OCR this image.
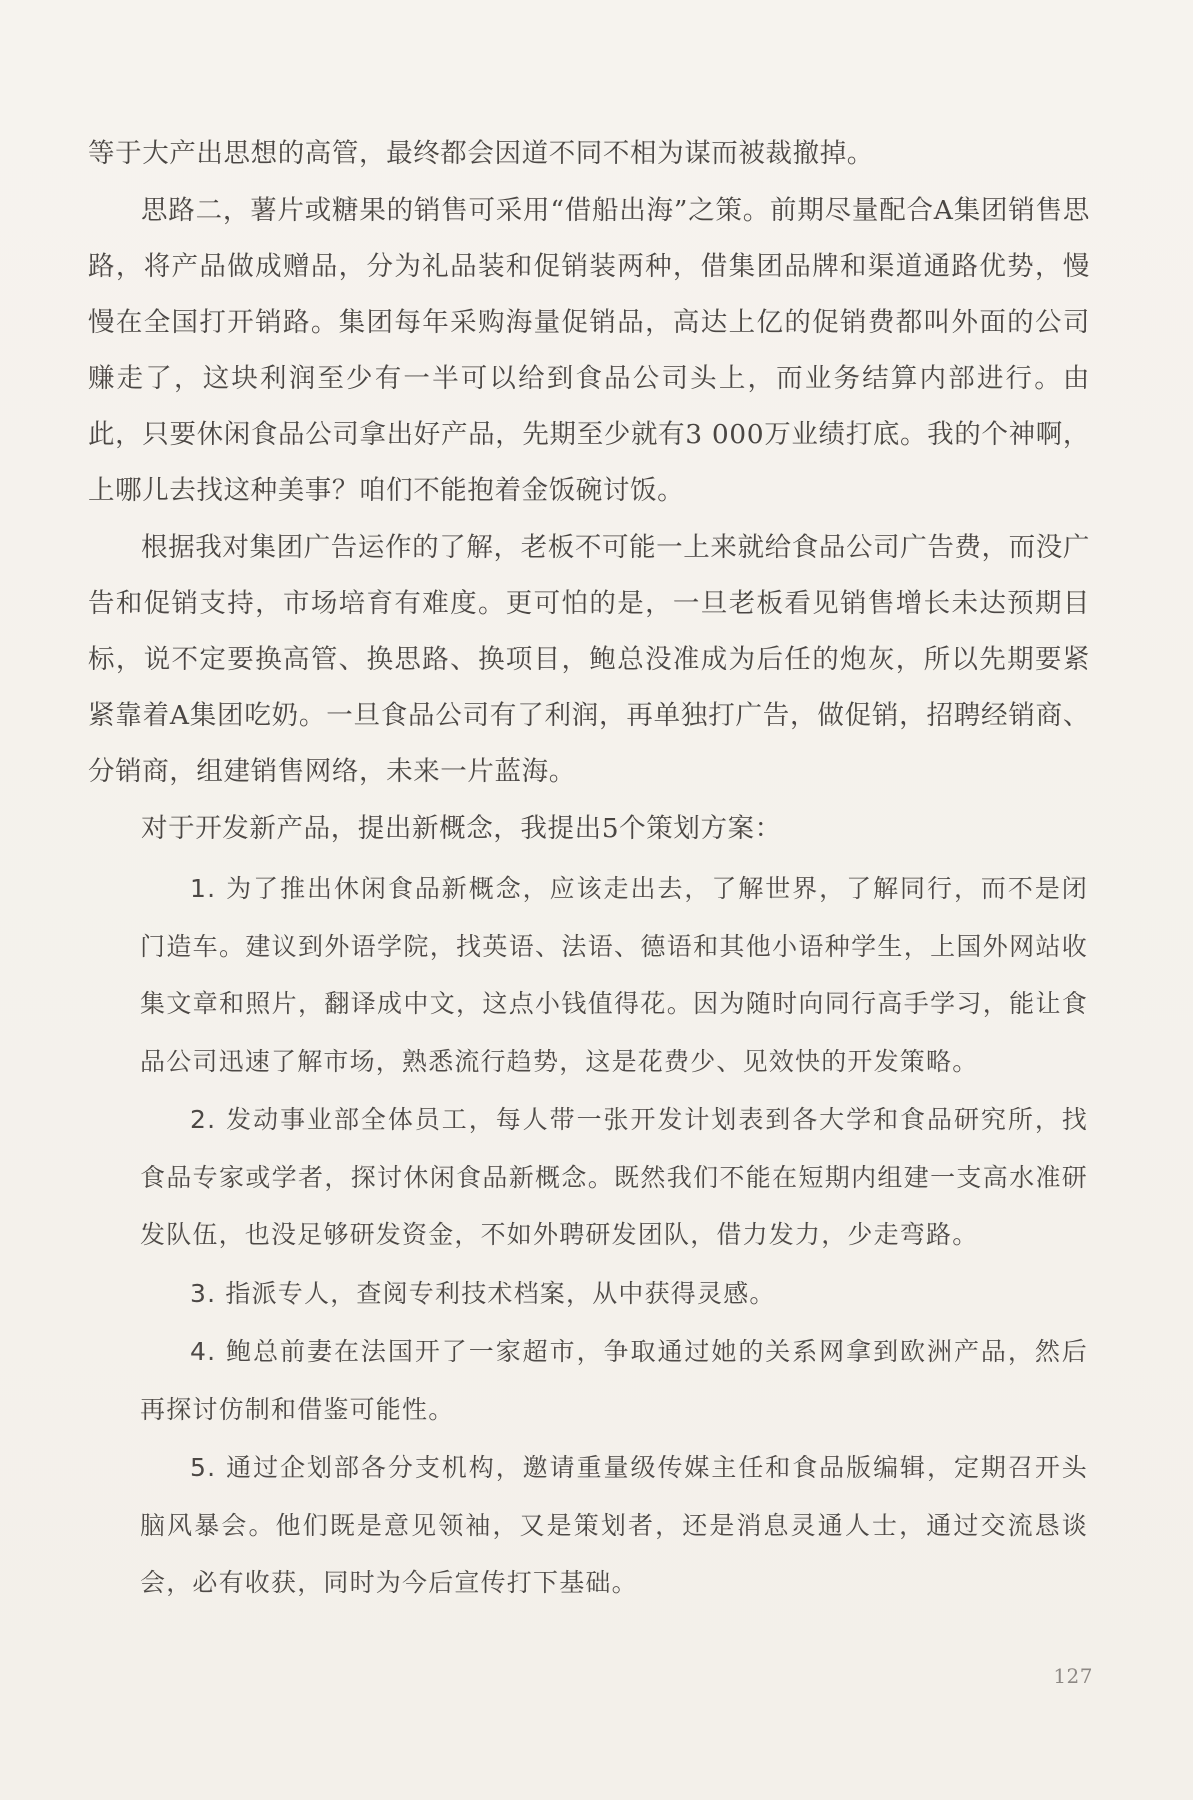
等于大产出思想的高管，最终都会因道不同不相为谋而被裁撤掉。

思路二，薯片或糖果的销售可采用“借船出海”之策。前期尽量配合A集团销售思路，将产品做成赠品，分为礼品装和促销装两种，借集团品牌和渠道通路优势，慢慢在全国打开销路。集团每年采购海量促销品，高达上亿的促销费都叫外面的公司赚走了，这块利润至少有一半可以给到食品公司头上，而业务结算内部进行。由此，只要休闲食品公司拿出好产品，先期至少就有3 000万业绩打底。我的个神啊，上哪儿去找这种美事？咱们不能抱着金饭碗讨饭。

根据我对集团广告运作的了解，老板不可能一上来就给食品公司广告费，而没广告和促销支持，市场培育有难度。更可怕的是，一旦老板看见销售增长未达预期目标，说不定要换高管、换思路、换项目，鲍总没准成为后任的炮灰，所以先期要紧紧靠着A集团吃奶。一旦食品公司有了利润，再单独打广告，做促销，招聘经销商、分销商，组建销售网络，未来一片蓝海。

对于开发新产品，提出新概念，我提出5个策划方案：

1. 为了推出休闲食品新概念，应该走出去，了解世界，了解同行，而不是闭门造车。建议到外语学院，找英语、法语、德语和其他小语种学生，上国外网站收集文章和照片，翻译成中文，这点小钱值得花。因为随时向同行高手学习，能让食品公司迅速了解市场，熟悉流行趋势，这是花费少、见效快的开发策略。

2. 发动事业部全体员工，每人带一张开发计划表到各大学和食品研究所，找食品专家或学者，探讨休闲食品新概念。既然我们不能在短期内组建一支高水准研发队伍，也没足够研发资金，不如外聘研发团队，借力发力，少走弯路。

3. 指派专人，查阅专利技术档案，从中获得灵感。

4. 鲍总前妻在法国开了一家超市，争取通过她的关系网拿到欧洲产品，然后再探讨仿制和借鉴可能性。

5. 通过企划部各分支机构，邀请重量级传媒主任和食品版编辑，定期召开头脑风暴会。他们既是意见领袖，又是策划者，还是消息灵通人士，通过交流恳谈会，必有收获，同时为今后宣传打下基础。

127
